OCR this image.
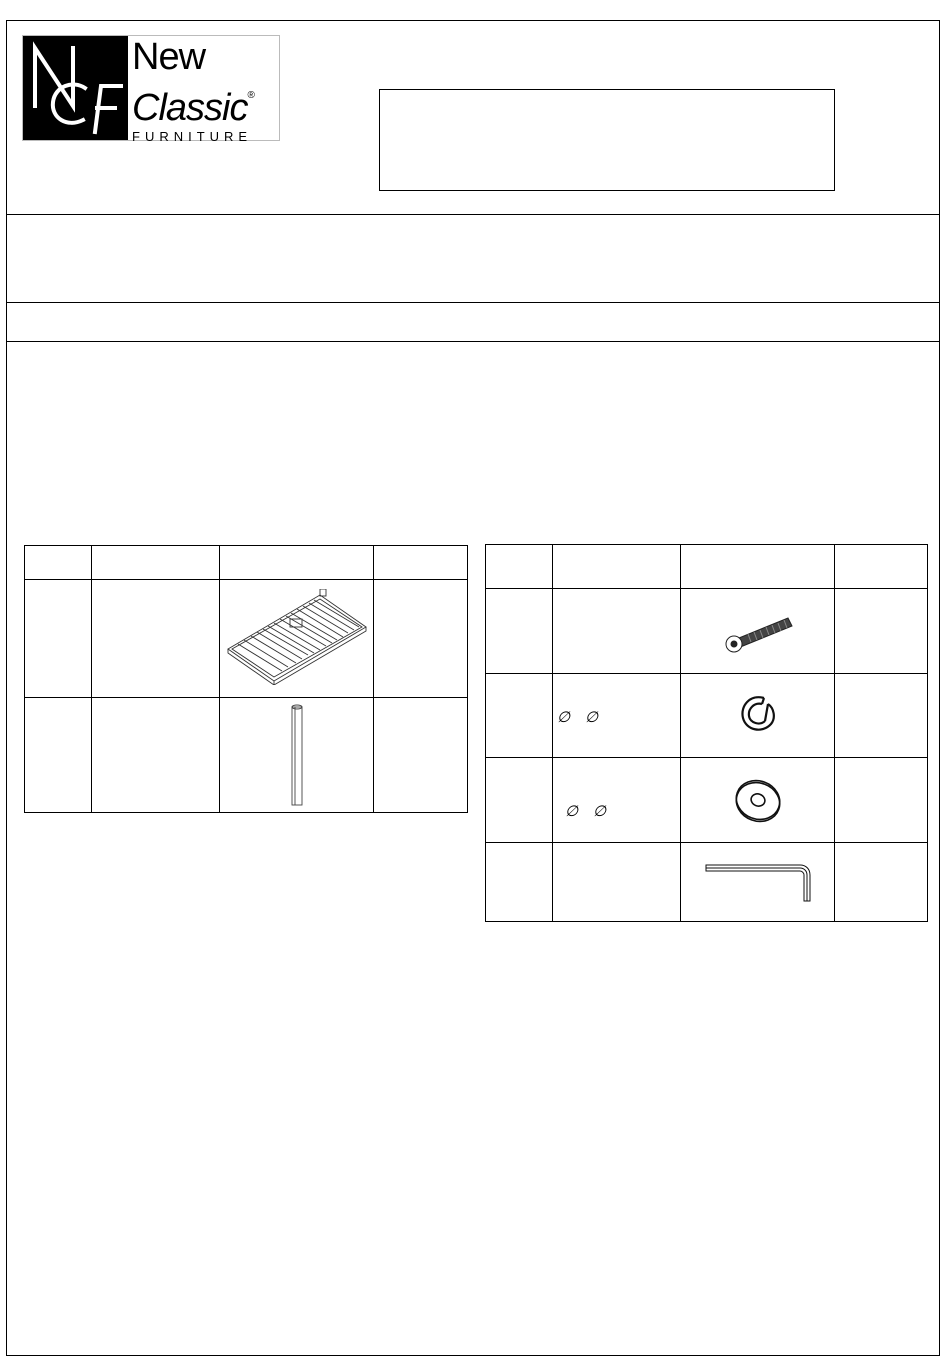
New
Classic®
FURNITURE

	∅ ∅

	∅ ∅
